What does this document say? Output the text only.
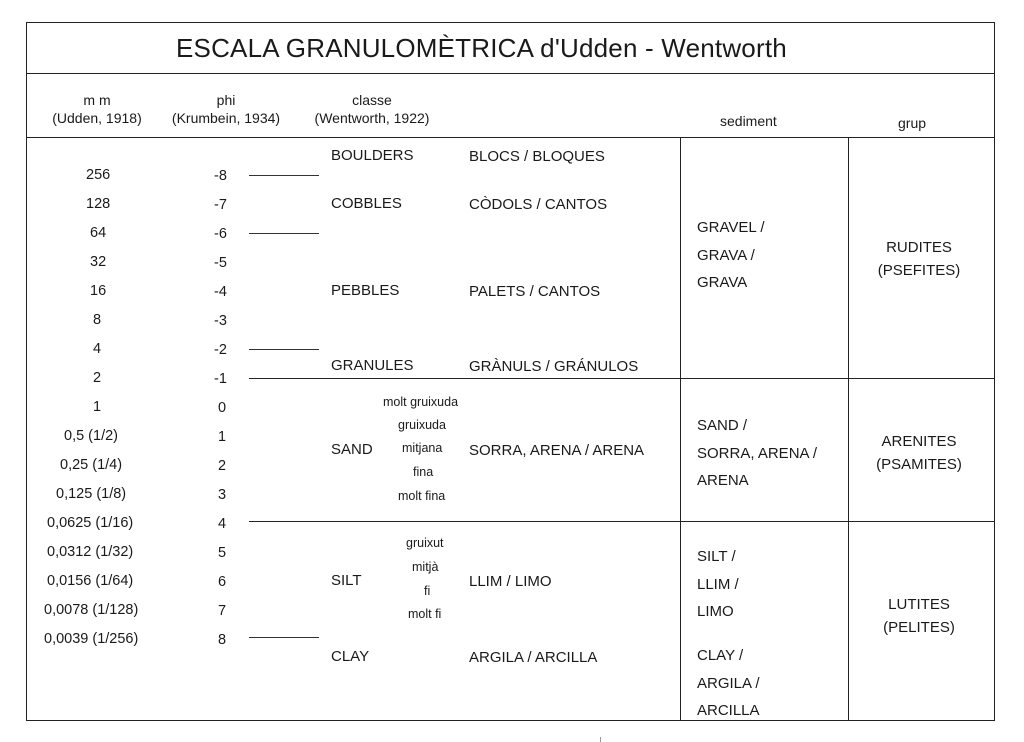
ESCALA GRANULOMÈTRICA d'Udden - Wentworth
m m
(Udden, 1918)
phi
(Krumbein, 1934)
classe
(Wentworth, 1922)	sediment	grup
256
128
64
32
16
8
4
2
1
0,5 (1/2)
0,25 (1/4)
0,125 (1/8)
0,0625 (1/16)
0,0312 (1/32)
0,0156 (1/64)
0,0078 (1/128)
0,0039 (1/256)
-8
-7
-6
-5
-4
-3
-2
-1
0
1
2
3
4
5
6
7
8
BOULDERS
COBBLES
PEBBLES
GRANULES
SAND
SILT
CLAY
BLOCS / BLOQUES
CÒDOLS / CANTOS
PALETS / CANTOS
GRÀNULS / GRÁNULOS
SORRA, ARENA / ARENA
LLIM / LIMO
ARGILA / ARCILLA
molt gruixuda
gruixuda
mitjana
fina
molt fina
gruixut
mitjà
fi
molt fi
GRAVEL /
GRAVA /
GRAVA
SAND /
SORRA, ARENA /
ARENA
SILT /
LLIM /
LIMO
CLAY /
ARGILA /
ARCILLA
RUDITES
(PSEFITES)
ARENITES
(PSAMITES)
LUTITES
(PELITES)
